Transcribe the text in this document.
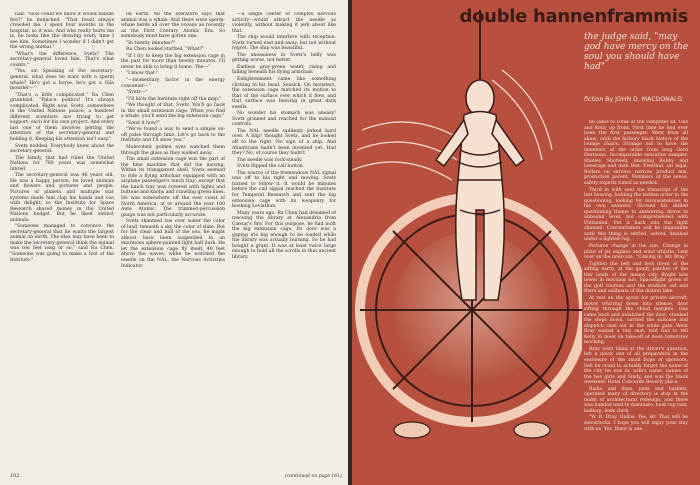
hair. "How could we know it would handle fire?" he mimicked. "That fossil always crowded me. I spent four months in the hospital, so it was. And who really hurts me is, he looks like the drawing every time I see him. Sometimes I wonder if I didn't get the wrong animal."

"What's the difference, Svetz? The secretary-general loved him. That's what counts."

"Yes, sir. Speaking of the secretary-general, what does he want with a sperm whale? He's got a horse, he's got a Gila monster—"

"That's a little complicated," Ra Chen grumbled. "Palace politics! It's always complicated. Right now, Svetz, somewhere in the United Nations palace, a hundred different scientists are trying to get support, each for his own project. And every last one of them involves getting the attention of the secretary-general and holding it. Keeping his attention isn't easy."

Svetz nodded. Everybody knew about the secretary-general.

The family that had ruled the United Nations for 700 years was somewhat inbred.

The secretary-general was 46 years old. He was a happy person; he loved animals and flowers and pictures and people. Pictures of planets and multiple star systems made him clap his hands and coo with delight; so the Institute for Space Research shared money in the United Nations budget. But he liked extinct animals.

"Someone managed to convince the secretary-general that he wants the largest animal on earth. The idea may have been to make the secretary-general think the animal was ten feet long or so," said Ra Chen. "Someone was going to make a fool of the Institute."

on earth. All the literature says that animal was a whale. And there were sperm-whale herds all over the oceans as recently as the First Century Atomic Era. So somebody must have gotten one.

"In twenty minutes?"

Ra Chen looked startled. "What?"

"If I try to keep the big extension cage in the past for more than twenty minutes, I'll never be able to bring it home. The—"

"I know that."

"—momentary factor in the energy consumer—"

"Svetz—"

"I'll blow the Institute right off the map."

"We thought of that, Svetz. You'll go back in the small extension cage. When you find a whale, you'll send the big extension cage."

"Send it how?"

"We've found a way to send a simple on-off pulse through time. Let's go back to the Institute and I'll show you."

Malevolent golden eyes watched them through the glass as they walked away.

The small extension cage was the part of the time machine that did the moving. Within its transparent shell, Svetz seemed to ride a flying armchair equipped with an airplane passenger's lunch tray; except that the lunch tray was covered with lights and buttons and knobs and crawling green lines. He was somewhere off the east coast of North America, at or around the year 100 Ante Atomic. The trimmed-percussion gauge was not particularly accurate.

Svetz skimmed low over water the color of lead, beneath a sky the color of slate. But for the clear and hull of the sea, he might almost have been suspended in an enormous sphere painted light half dark. He let the extension cage fly itself, 40 feet above the waves, while he watched the needle on the NAL, the Nervous Activities Indicator.

—a single center of complex nervous activity—would attract the needle as violently, without making it jerk about like that.

The ship would interfere with reception. Svetz turned east and away, but not without regret. The ship was beautiful.

The uneasiness in Svetz's belly was getting worse, not better.

Endless gray-green water, rising and falling beneath his flying armchair.

Enlightenment came like something clicking in his head. Seasick. On monsters, the extension cage matched its motion to that of the surface over which it flew, and that surface was heaving in great dark swells.

No wonder his stomach was uneasy! Svetz grinned and reached for the manual controls.

The NAL needle suddenly jerked hard over. A blip! thought Svetz, and he looked off to the right. No sign of a ship. And Atlanticans hadn't been invented yet. Had they? No, of course they hadn't.

The needle was rock-steady.

Svetz flipped the call button.

The source of the tremendous NAL signal was off to his right and moving. Svetz turned to follow it. It would be minutes before the call signal reached the Institute for Temporal Research and sent the big extension cage with its weaponry for hooking Leviathan.

Many years ago, Ra Chen had dreamed of rescuing the library at Alexandria from Caesar's fire. For this purpose, he had built the big extension cage. Its door was a gaping iris big enough to be loaded while the library was actually burning. So he had bought a grant. It was at least twice large enough to hold all the scrolls in that ancient library.

102	(continued on page 161)
double hannenframmis
the judge said, "may god have mercy on the soul you should have had"
fiction By JOHN D. MACDONALD

he came to come at the computer sit. Gus and Kelly up front. First time he had ever been the first passenger. Went from all alone, until the hickory black history of the lounge chairs. Strange not to have the members of the order from long Gerd Hermann. Incomparable sensative sampler. Stanley Shotwell, knowing Bobby and Leverage and dark Ben. Everlind, sat legal. Rollers on service, narrow, product mix, production parent. Numbers of the sense, safety experts tuned as needed.

Third in with sent the transcript of the last hearing, holding the hidden order in the questioning, looking for inconsistencies in his own answers. Showed his skilled questioning theme to answering, drove to unbound level, but comprehended with Finlanded. Put it back into the right channel. Concentration will be impossible until this thing is settled, solved, finished under a lighted rug.

Pictures change in the sun. Change in plate of jet engines and wind whistle. Lent over on the intercom. "Coming in, Mr. Bray."

Tighten the belt and look down at the sifting earth, at the gaudy patches of the tiny lands of the money city. Bright kite tower in morning sun. Spaceflight green of the golf courses and the stadium out and there and sailboats of the distant lake.

At rest on the apron for private aircraft, motor whirring down into silence, door sifting through the cloud mergers. Gus came back and unlatched the door, cranked the steps down, carried the suitcase and dispatch case out to the white gate. Went Bray waited a tiny seat, told Gus to tell Kelly to meet on take-off at noon tomorrow morning.

Bray went blind at the driver's question, left a quick one of all preparation in the enclosure of the small hope of sponsors. Felt he could to actually forget the name of the city he was in, wife's name, names of the two girls and Sindy, and was the black weekend. Hotel Concorde Beverly place.

Radio and lines, pads and baskets, operated many of directory is stop in the midst of architectural redesign, and there was handed next to dominate, held cup rain, bellhop, desk clerk.

"W. B. Bray. Dallas. Yes, sir. That will be sincerlocks. I hope you will enjoy your stay with us. Yes, there is one
